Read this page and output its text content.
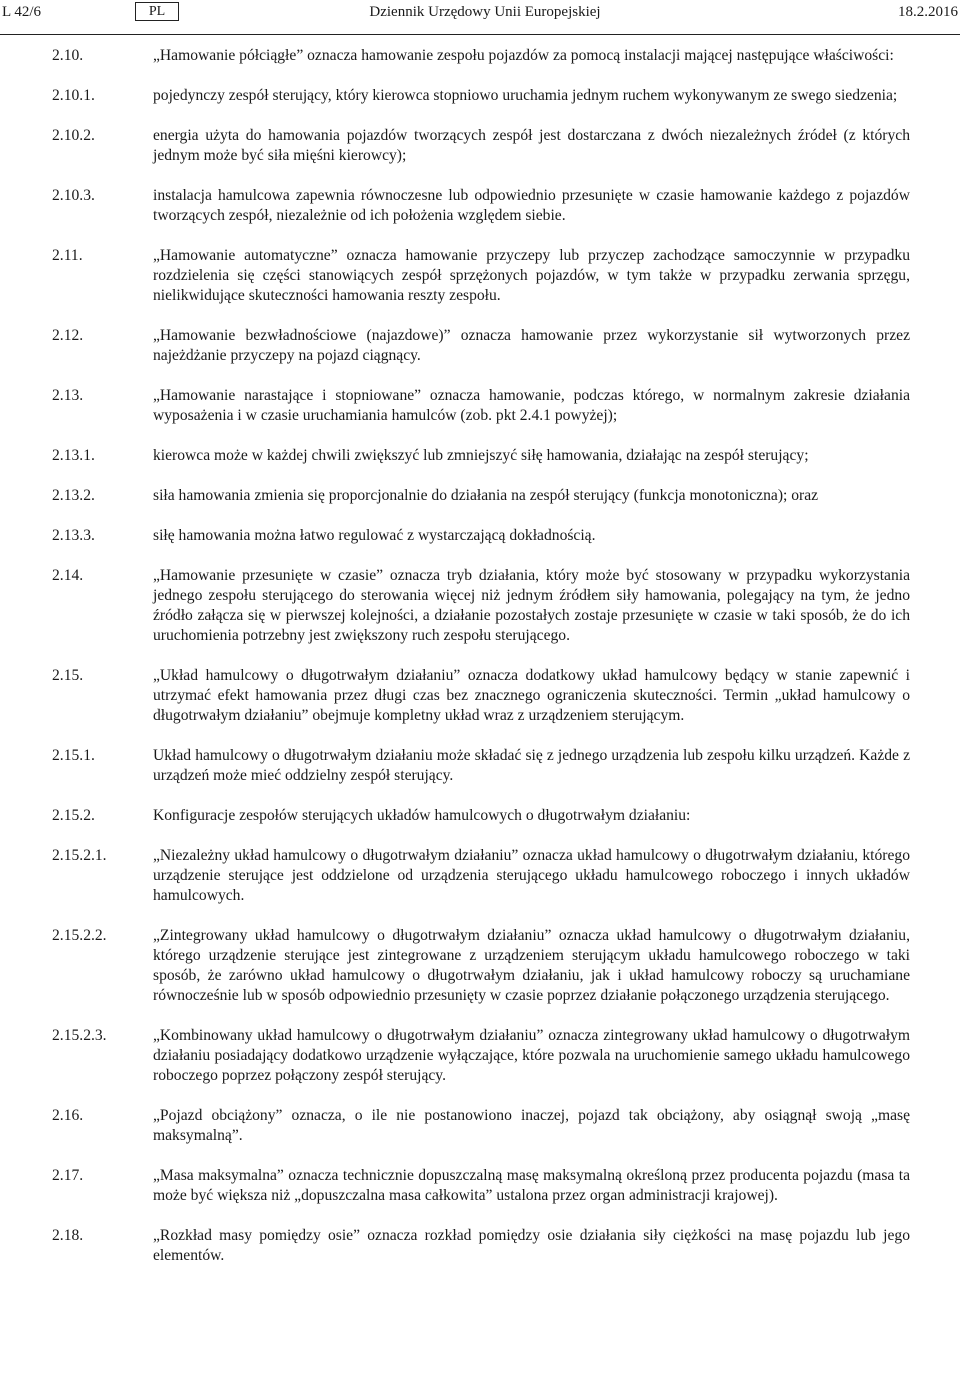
L 42/6	Dziennik Urzędowy Unii Europejskiej
PL	18.2.2016
2.10.	„Hamowanie półciągłe” oznacza hamowanie zespołu pojazdów za pomocą instalacji mającej następujące właściwości:
2.10.1.	pojedynczy zespół sterujący, który kierowca stopniowo uruchamia jednym ruchem wykonywanym ze swego siedzenia;
2.10.2.	energia użyta do hamowania pojazdów tworzących zespół jest dostarczana z dwóch niezależnych źródeł (z których jednym może być siła mięśni kierowcy);
2.10.3.	instalacja hamulcowa zapewnia równoczesne lub odpowiednio przesunięte w czasie hamowanie każdego z pojazdów tworzących zespół, niezależnie od ich położenia względem siebie.
2.11.	„Hamowanie automatyczne” oznacza hamowanie przyczepy lub przyczep zachodzące samoczynnie w przypadku rozdzielenia się części stanowiących zespół sprzężonych pojazdów, w tym także w przypadku zerwania sprzęgu, nielikwidujące skuteczności hamowania reszty zespołu.
2.12.	„Hamowanie bezwładnościowe (najazdowe)” oznacza hamowanie przez wykorzystanie sił wytworzonych przez najeżdżanie przyczepy na pojazd ciągnący.
2.13.	„Hamowanie narastające i stopniowane” oznacza hamowanie, podczas którego, w normalnym zakresie działania wyposażenia i w czasie uruchamiania hamulców (zob. pkt 2.4.1 powyżej);
2.13.1.	kierowca może w każdej chwili zwiększyć lub zmniejszyć siłę hamowania, działając na zespół sterujący;
2.13.2.	siła hamowania zmienia się proporcjonalnie do działania na zespół sterujący (funkcja monotoniczna); oraz
2.13.3.	siłę hamowania można łatwo regulować z wystarczającą dokładnością.
2.14.	„Hamowanie przesunięte w czasie” oznacza tryb działania, który może być stosowany w przypadku wykorzystania jednego zespołu sterującego do sterowania więcej niż jednym źródłem siły hamowania, polegający na tym, że jedno źródło załącza się w pierwszej kolejności, a działanie pozostałych zostaje przesunięte w czasie w taki sposób, że do ich uruchomienia potrzebny jest zwiększony ruch zespołu sterującego.
2.15.	„Układ hamulcowy o długotrwałym działaniu” oznacza dodatkowy układ hamulcowy będący w stanie zapewnić i utrzymać efekt hamowania przez długi czas bez znacznego ograniczenia skuteczności. Termin „układ hamulcowy o długotrwałym działaniu” obejmuje kompletny układ wraz z urządzeniem sterującym.
2.15.1.	Układ hamulcowy o długotrwałym działaniu może składać się z jednego urządzenia lub zespołu kilku urządzeń. Każde z urządzeń może mieć oddzielny zespół sterujący.
2.15.2.	Konfiguracje zespołów sterujących układów hamulcowych o długotrwałym działaniu:
2.15.2.1.	„Niezależny układ hamulcowy o długotrwałym działaniu” oznacza układ hamulcowy o długotrwałym działaniu, którego urządzenie sterujące jest oddzielone od urządzenia sterującego układu hamulcowego roboczego i innych układów hamulcowych.
2.15.2.2.	„Zintegrowany układ hamulcowy o długotrwałym działaniu” oznacza układ hamulcowy o długotrwałym działaniu, którego urządzenie sterujące jest zintegrowane z urządzeniem sterującym układu hamulcowego roboczego w taki sposób, że zarówno układ hamulcowy o długotrwałym działaniu, jak i układ hamulcowy roboczy są uruchamiane równocześnie lub w sposób odpowiednio przesunięty w czasie poprzez działanie połączonego urządzenia sterującego.
2.15.2.3.	„Kombinowany układ hamulcowy o długotrwałym działaniu” oznacza zintegrowany układ hamulcowy o długotrwałym działaniu posiadający dodatkowo urządzenie wyłączające, które pozwala na uruchomienie samego układu hamulcowego roboczego poprzez połączony zespół sterujący.
2.16.	„Pojazd obciążony” oznacza, o ile nie postanowiono inaczej, pojazd tak obciążony, aby osiągnął swoją „masę maksymalną”.
2.17.	„Masa maksymalna” oznacza technicznie dopuszczalną masę maksymalną określoną przez producenta pojazdu (masa ta może być większa niż „dopuszczalna masa całkowita” ustalona przez organ administracji krajowej).
2.18.	„Rozkład masy pomiędzy osie” oznacza rozkład pomiędzy osie działania siły ciężkości na masę pojazdu lub jego elementów.
